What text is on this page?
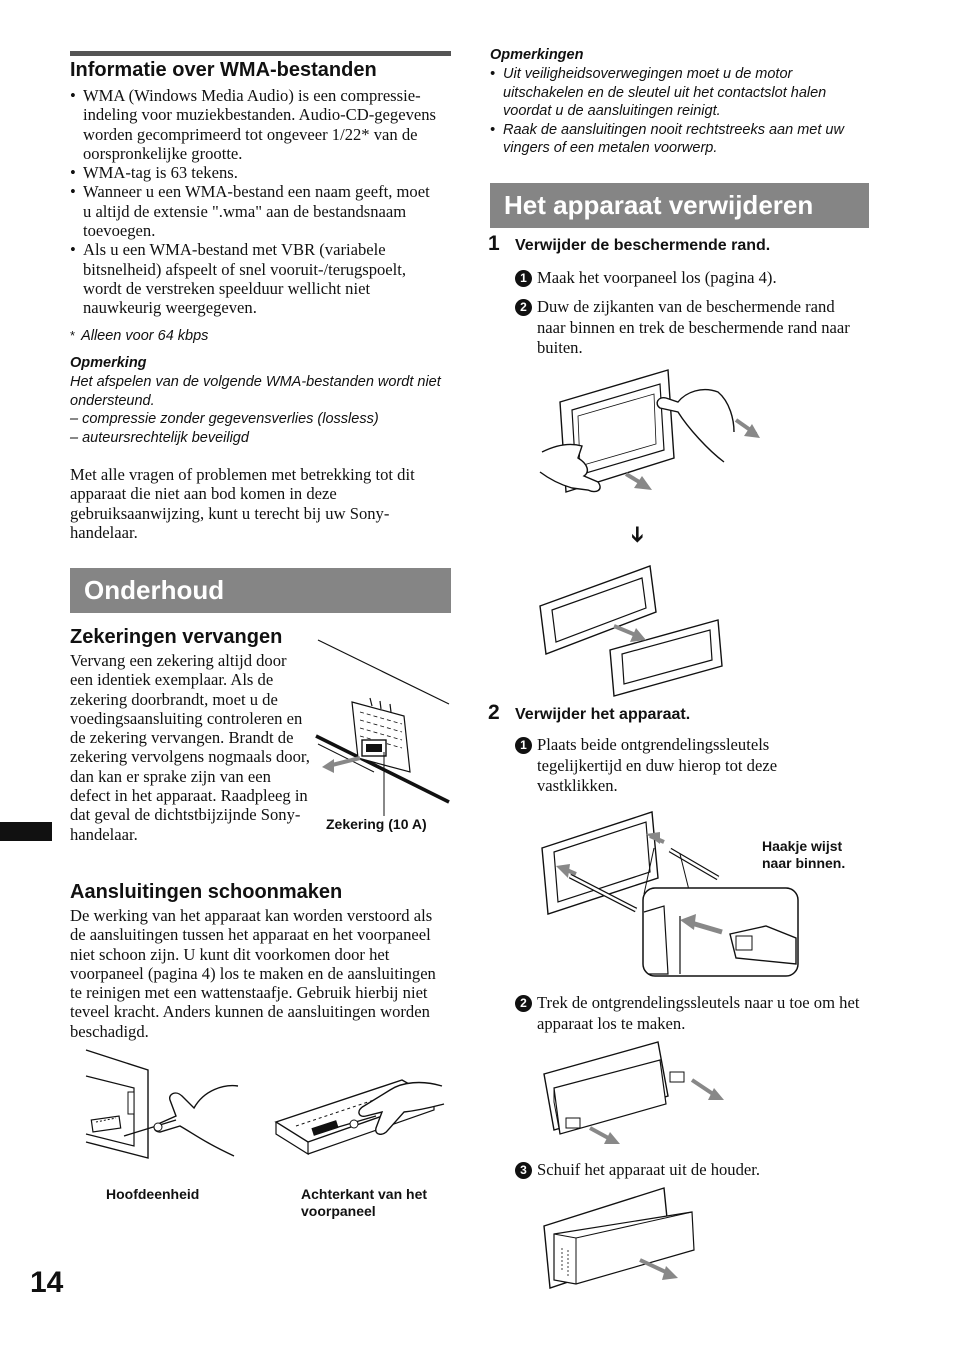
Informatie over WMA-bestanden
• WMA (Windows Media Audio) is een compressie-indeling voor muziekbestanden. Audio-CD-gegevens worden gecomprimeerd tot ongeveer 1/22* van de oorspronkelijke grootte.
• WMA-tag is 63 tekens.
• Wanneer u een WMA-bestand een naam geeft, moet u altijd de extensie ".wma" aan de bestandsnaam toevoegen.
• Als u een WMA-bestand met VBR (variabele bitsnelheid) afspeelt of snel vooruit-/terugspoelt, wordt de verstreken speelduur wellicht niet nauwkeurig weergegeven.
* Alleen voor 64 kbps
Opmerking
Het afspelen van de volgende WMA-bestanden wordt niet ondersteund.
– compressie zonder gegevensverlies (lossless)
– auteursrechtelijk beveiligd
Met alle vragen of problemen met betrekking tot dit apparaat die niet aan bod komen in deze gebruiksaanwijzing, kunt u terecht bij uw Sony-handelaar.
Onderhoud
Zekeringen vervangen
Vervang een zekering altijd door een identiek exemplaar. Als de zekering doorbrandt, moet u de voedingsaansluiting controleren en de zekering vervangen. Brandt de zekering vervolgens nogmaals door, dan kan er sprake zijn van een defect in het apparaat. Raadpleeg in dat geval de dichtstbijzijnde Sony-handelaar.
Zekering (10 A)
Aansluitingen schoonmaken
De werking van het apparaat kan worden verstoord als de aansluitingen tussen het apparaat en het voorpaneel niet schoon zijn. U kunt dit voorkomen door het voorpaneel (pagina 4) los te maken en de aansluitingen te reinigen met een wattenstaafje. Gebruik hierbij niet teveel kracht. Anders kunnen de aansluitingen worden beschadigd.
Hoofdeenheid	Achterkant van het voorpaneel
14
Opmerkingen
• Uit veiligheidsoverwegingen moet u de motor uitschakelen en de sleutel uit het contactslot halen voordat u de aansluitingen reinigt.
• Raak de aansluitingen nooit rechtstreeks aan met uw vingers of een metalen voorwerp.
Het apparaat verwijderen
1 Verwijder de beschermende rand.
1 Maak het voorpaneel los (pagina 4).
2 Duw de zijkanten van de beschermende rand naar binnen en trek de beschermende rand naar buiten.
➔
2 Verwijder het apparaat.
1 Plaats beide ontgrendelingssleutels tegelijkertijd en duw hierop tot deze vastklikken.
Haakje wijst naar binnen.
2 Trek de ontgrendelingssleutels naar u toe om het apparaat los te maken.
3 Schuif het apparaat uit de houder.
